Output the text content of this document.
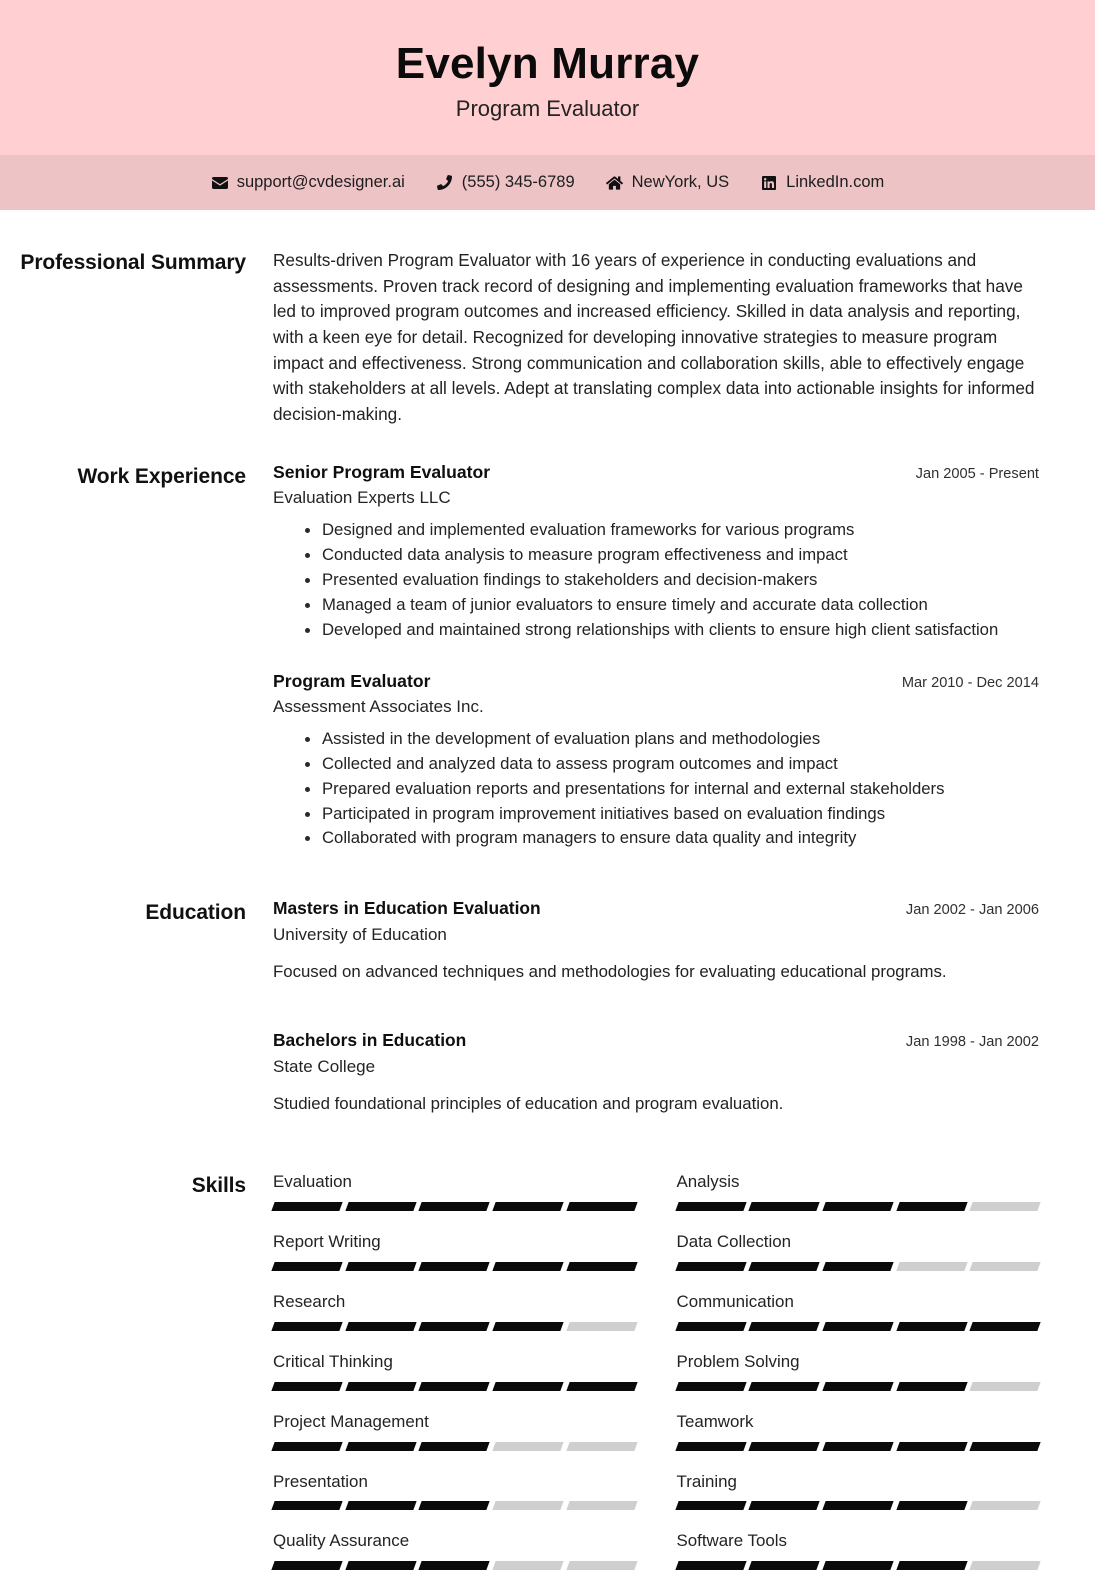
Evelyn Murray
Program Evaluator
support@cvdesigner.ai	(555) 345-6789	NewYork, US	LinkedIn.com
Professional Summary Results-driven Program Evaluator with 16 years of experience in conducting evaluations and assessments. Proven track record of designing and implementing evaluation frameworks that have led to improved program outcomes and increased efficiency. Skilled in data analysis and reporting, with a keen eye for detail. Recognized for developing innovative strategies to measure program impact and effectiveness. Strong communication and collaboration skills, able to effectively engage with stakeholders at all levels. Adept at translating complex data into actionable insights for informed decision-making.

Work Experience Senior Program Evaluator	Jan 2005 - Present
Evaluation Experts LLC
Designed and implemented evaluation frameworks for various programs
Conducted data analysis to measure program effectiveness and impact
Presented evaluation findings to stakeholders and decision-makers
Managed a team of junior evaluators to ensure timely and accurate data collection
Developed and maintained strong relationships with clients to ensure high client satisfaction
Program Evaluator	Mar 2010 - Dec 2014
Assessment Associates Inc.
Assisted in the development of evaluation plans and methodologies
Collected and analyzed data to assess program outcomes and impact
Prepared evaluation reports and presentations for internal and external stakeholders
Participated in program improvement initiatives based on evaluation findings
Collaborated with program managers to ensure data quality and integrity
Education Masters in Education Evaluation	Jan 2002 - Jan 2006
University of Education
Focused on advanced techniques and methodologies for evaluating educational programs.
Bachelors in Education	Jan 1998 - Jan 2002
State College
Studied foundational principles of education and program evaluation.
Skills Evaluation	Analysis
Report Writing	Data Collection
Research	Communication
Critical Thinking	Problem Solving
Project Management	Teamwork
Presentation	Training
Quality Assurance	Software Tools
